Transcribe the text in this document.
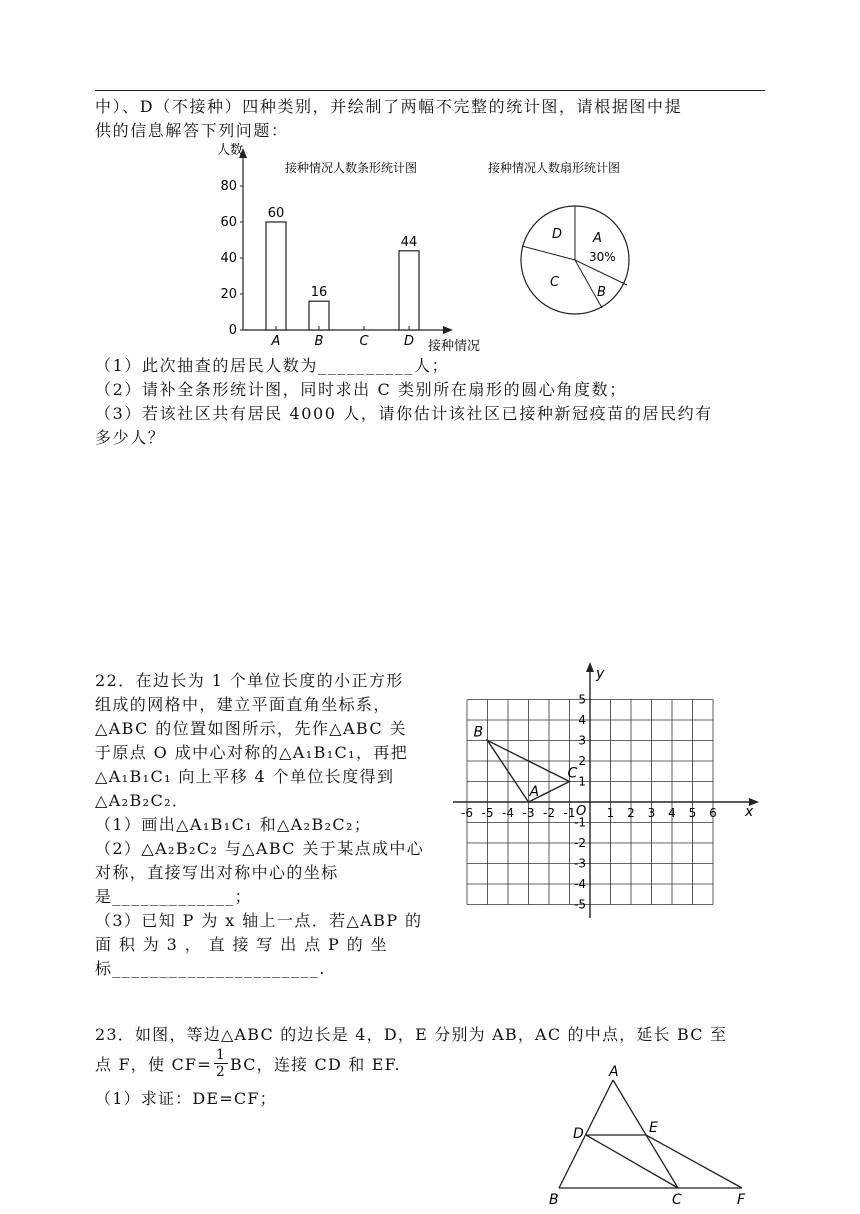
中）、D（不接种）四种类别，并绘制了两幅不完整的统计图，请根据图中提
供的信息解答下列问题：
人数
接种情况
接种情况人数条形统计图
0
20
40
60
80
60
A
16
B	C
44
D
接种情况人数扇形统计图
A
30%
B
C
D
（1）此次抽查的居民人数为__________人；
（2）请补全条形统计图，同时求出 C 类别所在扇形的圆心角度数；
（3）若该社区共有居民 4000 人，请你估计该社区已接种新冠疫苗的居民约有
多少人？
22．在边长为 1 个单位长度的小正方形
组成的网格中，建立平面直角坐标系，
△ABC 的位置如图所示，先作△ABC 关
于原点 O 成中心对称的△A₁B₁C₁，再把
△A₁B₁C₁ 向上平移 4 个单位长度得到
△A₂B₂C₂．
（1）画出△A₁B₁C₁ 和△A₂B₂C₂；
（2）△A₂B₂C₂ 与△ABC 关于某点成中心
对称，直接写出对称中心的坐标
是_____________；
（3）已知 P 为 x 轴上一点．若△ABP 的
面 积 为 3 ， 直 接 写 出 点 P 的 坐
标______________________.
-6 -5 -4 -3 -2 -1	1 2 3 4 5 6
5
4
3
2
1
-1
-2
-3
-4
-5
x
y
O
A
B
C
23．如图，等边△ABC 的边长是 4，D，E 分别为 AB，AC 的中点，延长 BC 至
点 F，使 $CF= \frac{1}{2}$ BC，连接 CD 和 EF.
（1）求证：DE=CF；
A
B	C
D	E
F
